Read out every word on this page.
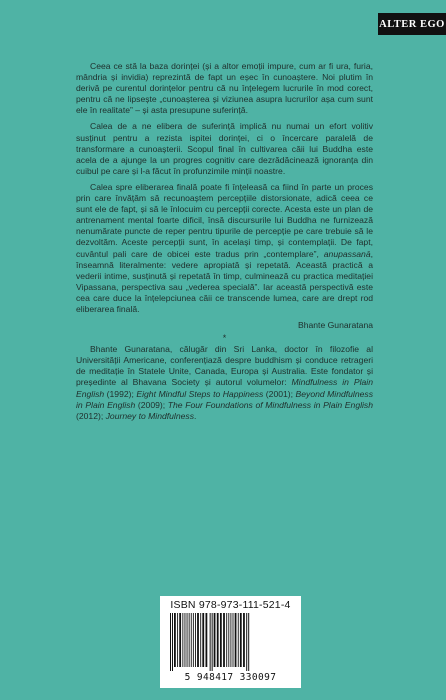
ALTER EGO

Ceea ce stă la baza dorinței (și a altor emoții impure, cum ar fi ura, furia, mândria și invidia) reprezintă de fapt un eșec în cunoaștere. Noi plutim în derivă pe curentul dorințelor pentru că nu înțelegem lucrurile în mod corect, pentru că ne lipsește „cunoașterea și viziunea asupra lucrurilor așa cum sunt ele în realitate” – și asta presupune suferință.

Calea de a ne elibera de suferință implică nu numai un efort volitiv susținut pentru a rezista ispitei dorinței, ci o încercare paralelă de transformare a cunoașterii. Scopul final în cultivarea căii lui Buddha este acela de a ajunge la un progres cognitiv care dezrădăcinează ignoranța din cuibul pe care și l-a făcut în profunzimile minții noastre.

Calea spre eliberarea finală poate fi înțeleasă ca fiind în parte un proces prin care învățăm să recunoaștem percepțiile distorsionate, adică ceea ce sunt ele de fapt, și să le înlocuim cu percepții corecte. Acesta este un plan de antrenament mental foarte dificil, însă discursurile lui Buddha ne furnizează nenumărate puncte de reper pentru tipurile de percepție pe care trebuie să le dezvoltăm. Aceste percepții sunt, în același timp, și contemplații. De fapt, cuvântul pali care de obicei este tradus prin „contemplare”, anupassanā, înseamnă literalmente: vedere apropiată și repetată. Această practică a vederii intime, susținută și repetată în timp, culminează cu practica meditației Vipassana, perspectiva sau „vederea specială”. Iar această perspectivă este cea care duce la înțelepciunea căii ce transcende lumea, care are drept rod eliberarea finală.

Bhante Gunaratana
*

Bhante Gunaratana, călugăr din Sri Lanka, doctor în filozofie al Universității Americane, conferențiază despre buddhism și conduce retrageri de meditație în Statele Unite, Canada, Europa și Australia. Este fondator și președinte al Bhavana Society și autorul volumelor: Mindfulness in Plain English (1992); Eight Mindful Steps to Happiness (2001); Beyond Mindfulness in Plain English (2009); The Four Foundations of Mindfulness in Plain English (2012); Journey to Mindfulness.

ISBN 978-973-111-521-4
5 948417 330097
